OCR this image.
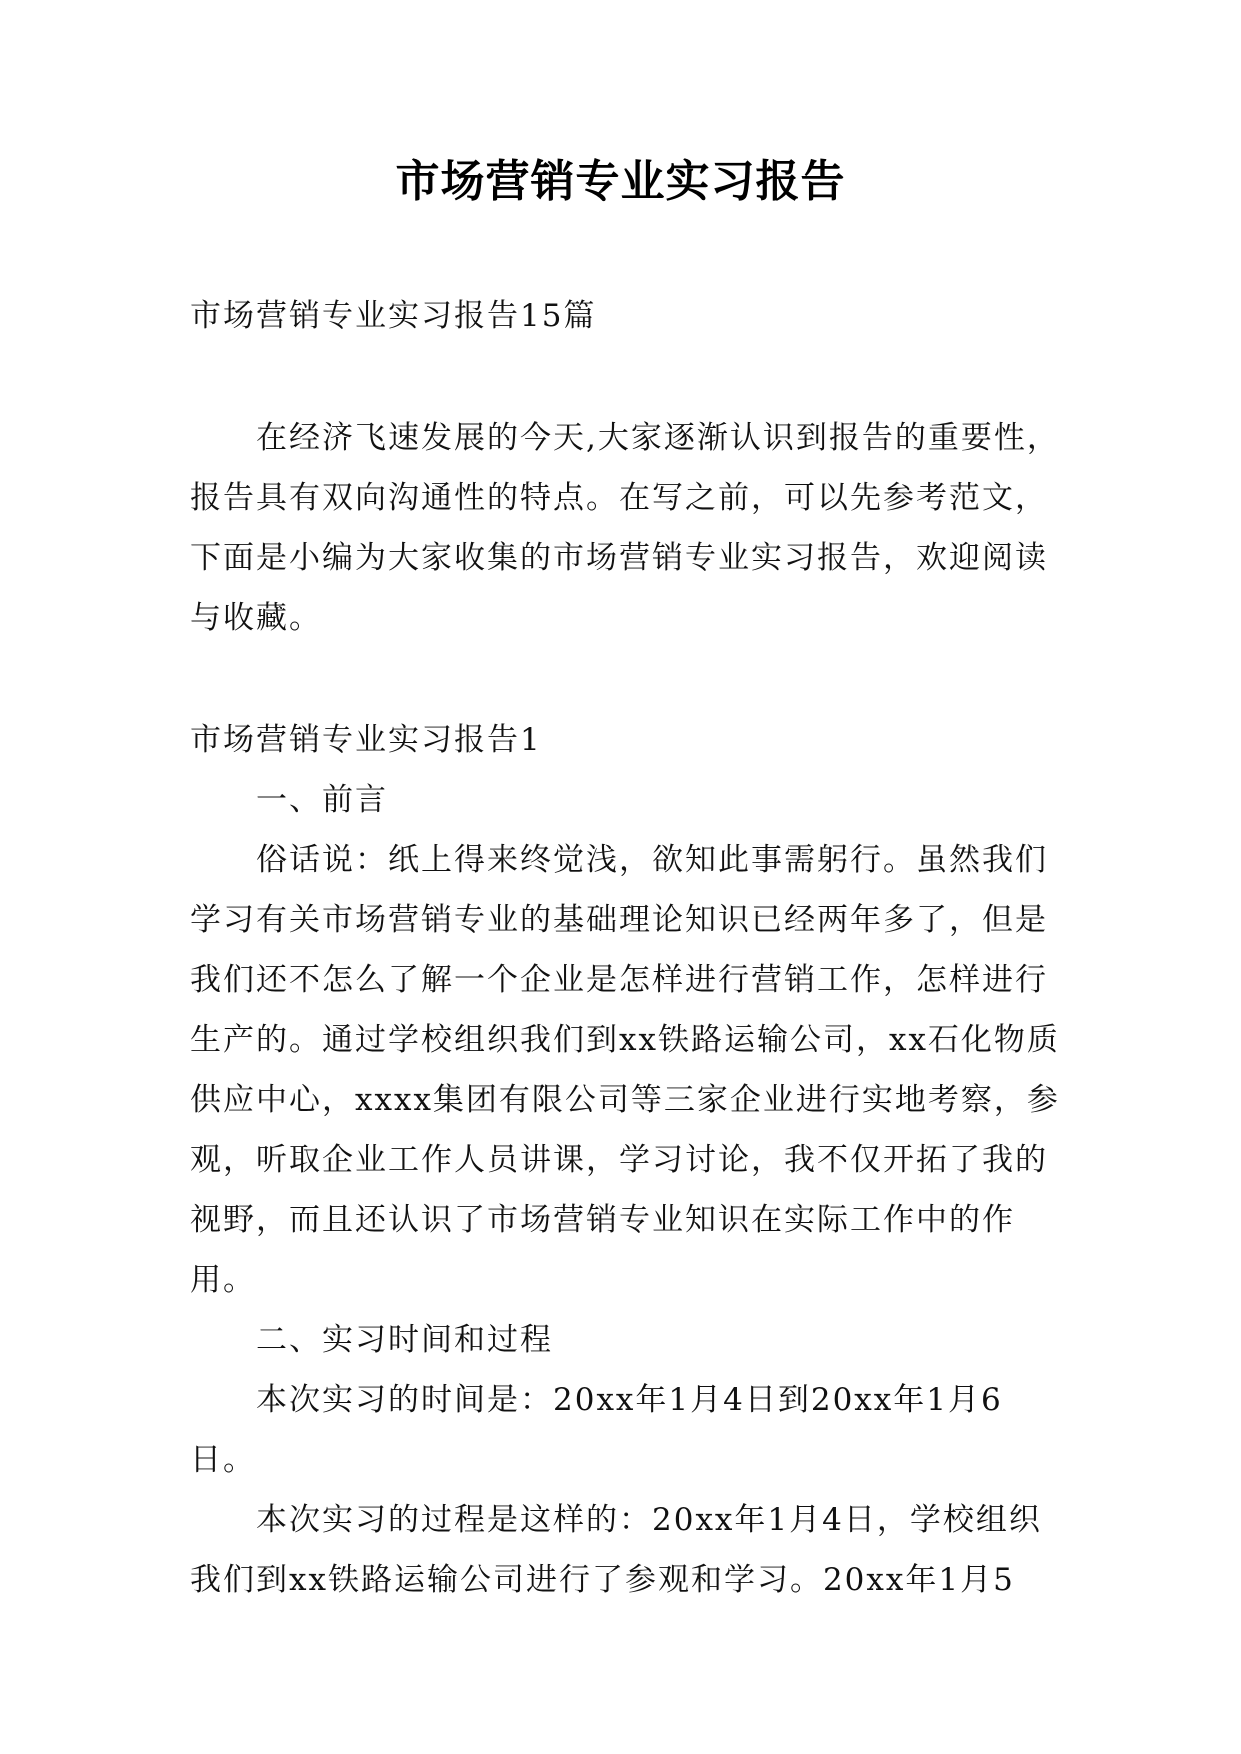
市场营销专业实习报告

市场营销专业实习报告15篇

在经济飞速发展的今天,大家逐渐认识到报告的重要性，报告具有双向沟通性的特点。在写之前，可以先参考范文，下面是小编为大家收集的市场营销专业实习报告，欢迎阅读与收藏。

市场营销专业实习报告1

一、前言

俗话说：纸上得来终觉浅，欲知此事需躬行。虽然我们学习有关市场营销专业的基础理论知识已经两年多了，但是我们还不怎么了解一个企业是怎样进行营销工作，怎样进行生产的。通过学校组织我们到xx铁路运输公司，xx石化物质供应中心，xxxx集团有限公司等三家企业进行实地考察，参观，听取企业工作人员讲课，学习讨论，我不仅开拓了我的视野，而且还认识了市场营销专业知识在实际工作中的作用。

二、实习时间和过程

本次实习的时间是：20xx年1月4日到20xx年1月6日。

本次实习的过程是这样的：20xx年1月4日，学校组织我们到xx铁路运输公司进行了参观和学习。20xx年1月5
